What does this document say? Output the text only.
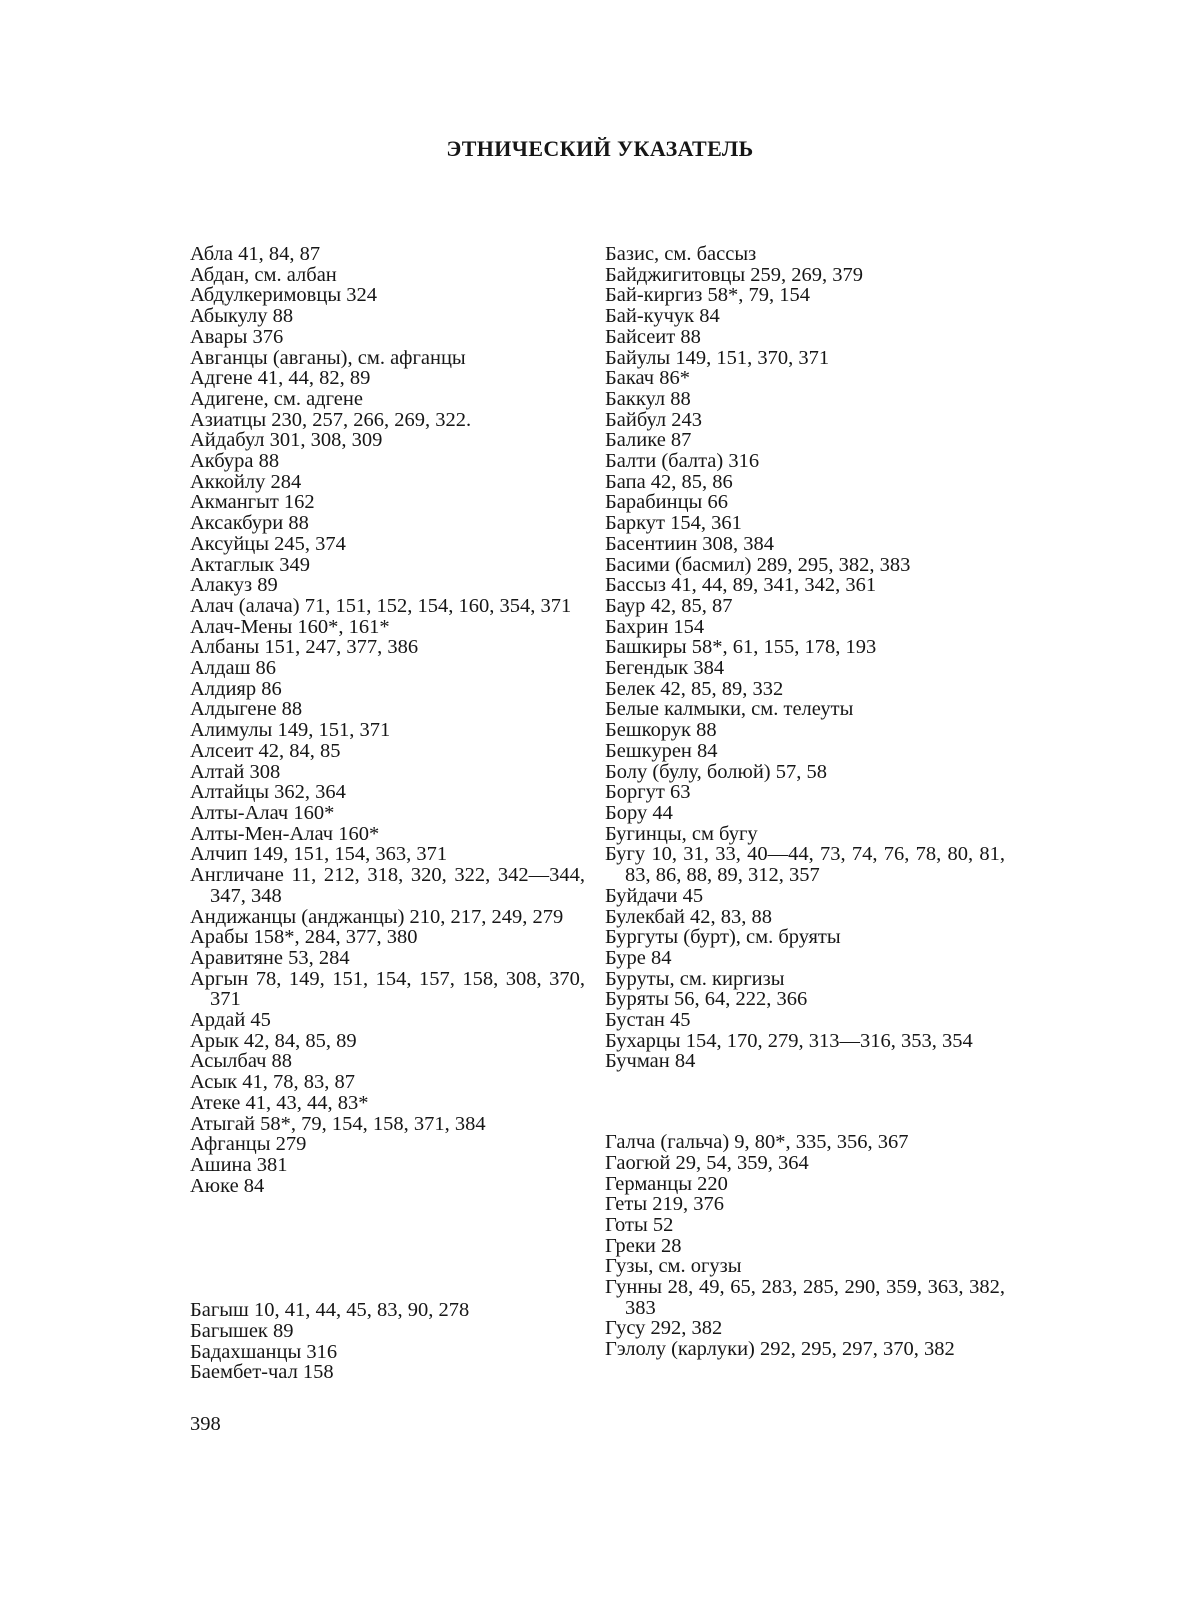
ЭТНИЧЕСКИЙ УКАЗАТЕЛЬ
Абла 41, 84, 87
Абдан, см. албан
Абдулкеримовцы 324
Абыкулу 88
Авары 376
Авганцы (авганы), см. афганцы
Адгене 41, 44, 82, 89
Адигене, см. адгене
Азиатцы 230, 257, 266, 269, 322.
Айдабул 301, 308, 309
Акбура 88
Аккойлу 284
Акмангыт 162
Аксакбури 88
Аксуйцы 245, 374
Актаглык 349
Алакуз 89
Алач (алача) 71, 151, 152, 154, 160, 354, 371
Алач-Мены 160*, 161*
Албаны 151, 247, 377, 386
Алдаш 86
Алдияр 86
Алдыгене 88
Алимулы 149, 151, 371
Алсеит 42, 84, 85
Алтай 308
Алтайцы 362, 364
Алты-Алач 160*
Алты-Мен-Алач 160*
Алчип 149, 151, 154, 363, 371
Англичане 11, 212, 318, 320, 322, 342—344, 347, 348
Андижанцы (анджанцы) 210, 217, 249, 279
Арабы 158*, 284, 377, 380
Аравитяне 53, 284
Аргын 78, 149, 151, 154, 157, 158, 308, 370, 371
Ардай 45
Арык 42, 84, 85, 89
Асылбач 88
Асык 41, 78, 83, 87
Атеке 41, 43, 44, 83*
Атыгай 58*, 79, 154, 158, 371, 384
Афганцы 279
Ашина 381
Аюке 84
Багыш 10, 41, 44, 45, 83, 90, 278
Багышек 89
Бадахшанцы 316
Баембет-чал 158
Базис, см. бассыз
Байджигитовцы 259, 269, 379
Бай-киргиз 58*, 79, 154
Бай-кучук 84
Байсеит 88
Байулы 149, 151, 370, 371
Бакач 86*
Баккул 88
Байбул 243
Балике 87
Балти (балта) 316
Бапа 42, 85, 86
Барабинцы 66
Баркут 154, 361
Басентиин 308, 384
Басими (басмил) 289, 295, 382, 383
Бассыз 41, 44, 89, 341, 342, 361
Баур 42, 85, 87
Бахрин 154
Башкиры 58*, 61, 155, 178, 193
Бегендык 384
Белек 42, 85, 89, 332
Белые калмыки, см. телеуты
Бешкорук 88
Бешкурен 84
Болу (булу, болюй) 57, 58
Боргут 63
Бору 44
Бугинцы, см бугу
Бугу 10, 31, 33, 40—44, 73, 74, 76, 78, 80, 81, 83, 86, 88, 89, 312, 357
Буйдачи 45
Булекбай 42, 83, 88
Бургуты (бурт), см. бруяты
Буре 84
Буруты, см. киргизы
Буряты 56, 64, 222, 366
Бустан 45
Бухарцы 154, 170, 279, 313—316, 353, 354
Бучман 84
Галча (гальча) 9, 80*, 335, 356, 367
Гаогюй 29, 54, 359, 364
Германцы 220
Геты 219, 376
Готы 52
Греки 28
Гузы, см. огузы
Гунны 28, 49, 65, 283, 285, 290, 359, 363, 382, 383
Гусу 292, 382
Гэлолу (карлуки) 292, 295, 297, 370, 382
398
